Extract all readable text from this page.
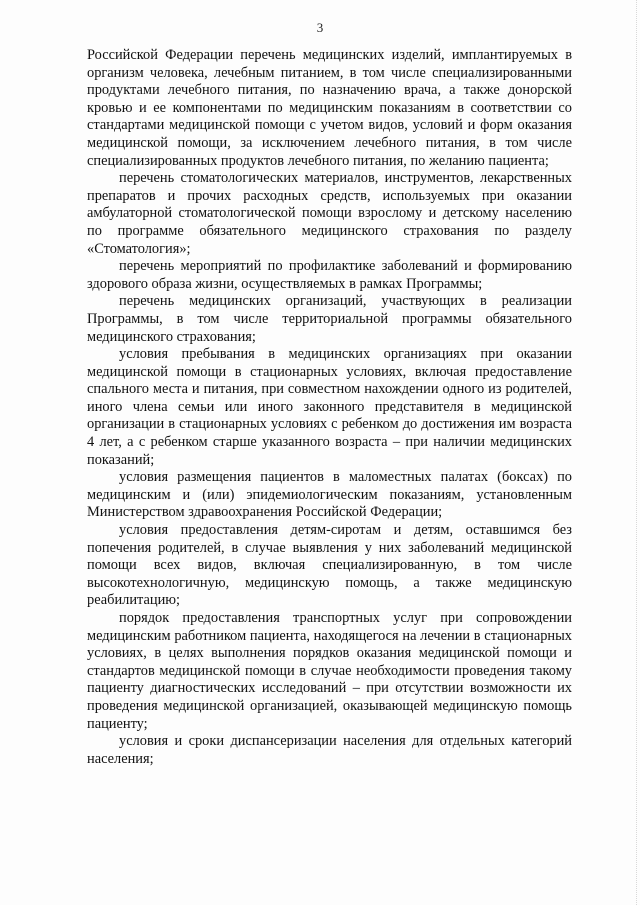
3

Российской Федерации перечень медицинских изделий, имплантируемых в организм человека, лечебным питанием, в том числе специализированными продуктами лечебного питания, по назначению врача, а также донорской кровью и ее компонентами по медицинским показаниям в соответствии со стандартами медицинской помощи с учетом видов, условий и форм оказания медицинской помощи, за исключением лечебного питания, в том числе специализированных продуктов лечебного питания, по желанию пациента;

перечень стоматологических материалов, инструментов, лекарственных препаратов и прочих расходных средств, используемых при оказании амбулаторной стоматологической помощи взрослому и детскому населению по программе обязательного медицинского страхования по разделу «Стоматология»;

перечень мероприятий по профилактике заболеваний и формированию здорового образа жизни, осуществляемых в рамках Программы;

перечень медицинских организаций, участвующих в реализации Программы, в том числе территориальной программы обязательного медицинского страхования;

условия пребывания в медицинских организациях при оказании медицинской помощи в стационарных условиях, включая предоставление спального места и питания, при совместном нахождении одного из родителей, иного члена семьи или иного законного представителя в медицинской организации в стационарных условиях с ребенком до достижения им возраста 4 лет, а с ребенком старше указанного возраста – при наличии медицинских показаний;

условия размещения пациентов в маломестных палатах (боксах) по медицинским и (или) эпидемиологическим показаниям, установленным Министерством здравоохранения Российской Федерации;

условия предоставления детям-сиротам и детям, оставшимся без попечения родителей, в случае выявления у них заболеваний медицинской помощи всех видов, включая специализированную, в том числе высокотехнологичную, медицинскую помощь, а также медицинскую реабилитацию;

порядок предоставления транспортных услуг при сопровождении медицинским работником пациента, находящегося на лечении в стационарных условиях, в целях выполнения порядков оказания медицинской помощи и стандартов медицинской помощи в случае необходимости проведения такому пациенту диагностических исследований – при отсутствии возможности их проведения медицинской организацией, оказывающей медицинскую помощь пациенту;

условия и сроки диспансеризации населения для отдельных категорий населения;
